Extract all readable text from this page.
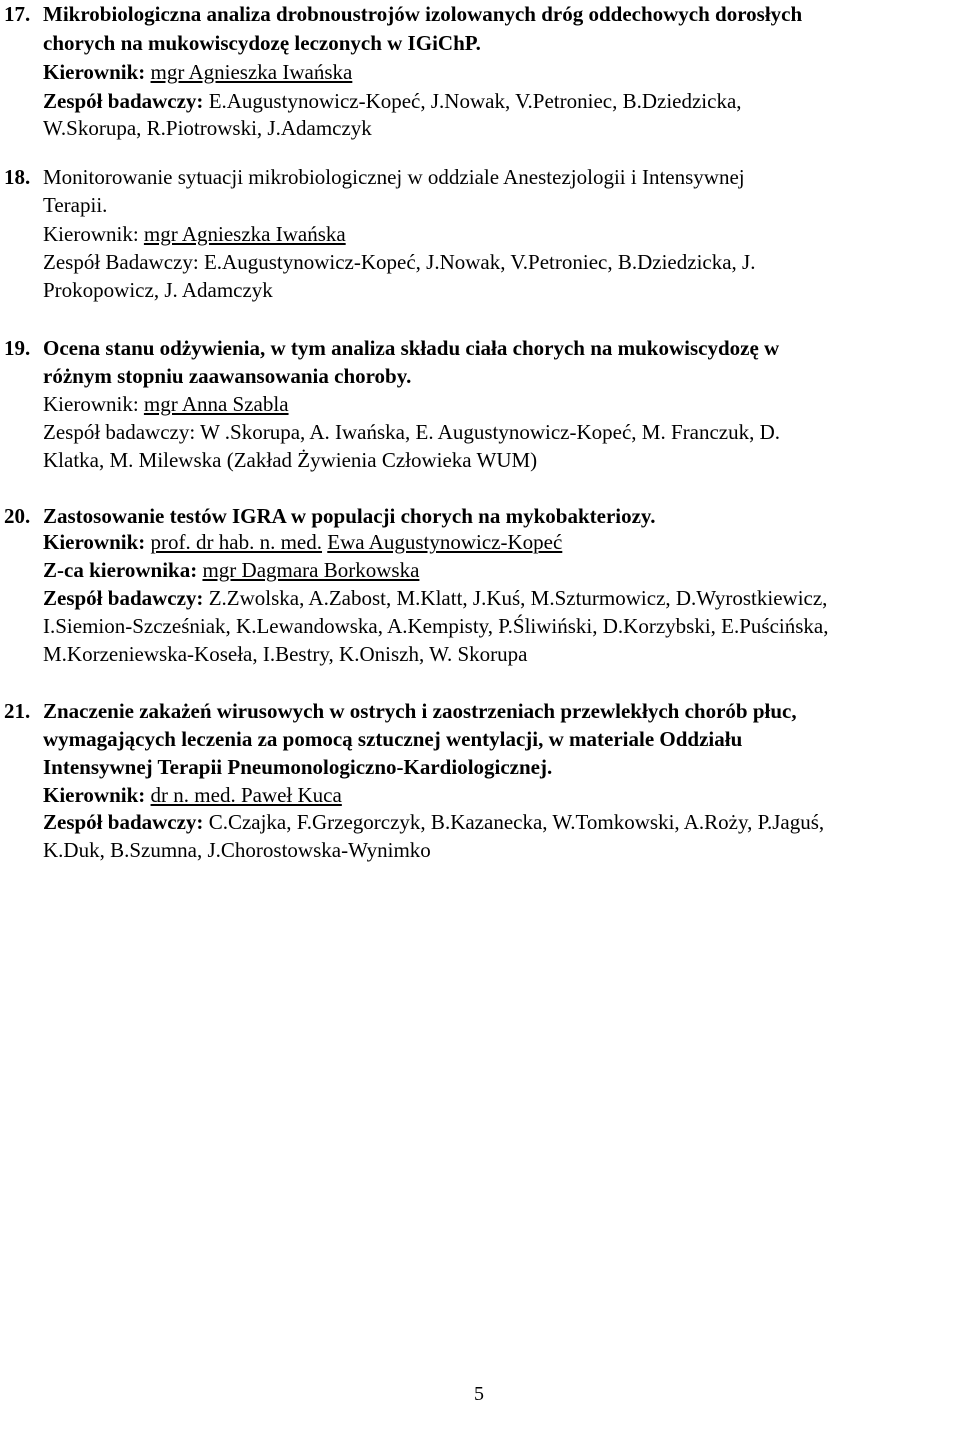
17. Mikrobiologiczna analiza drobnoustrojów izolowanych dróg oddechowych dorosłych
chorych na mukowiscydozę leczonych w IGiChP.
Kierownik: mgr Agnieszka Iwańska
Zespół badawczy: E.Augustynowicz-Kopeć, J.Nowak, V.Petroniec, B.Dziedzicka,
W.Skorupa, R.Piotrowski, J.Adamczyk
18. Monitorowanie sytuacji mikrobiologicznej w oddziale Anestezjologii i Intensywnej
Terapii.
Kierownik: mgr Agnieszka Iwańska
Zespół Badawczy: E.Augustynowicz-Kopeć, J.Nowak, V.Petroniec, B.Dziedzicka, J.
Prokopowicz, J. Adamczyk
19. Ocena stanu odżywienia, w tym analiza składu ciała chorych na mukowiscydozę w
różnym stopniu zaawansowania choroby.
Kierownik: mgr Anna Szabla
Zespół badawczy: W .Skorupa, A. Iwańska, E. Augustynowicz-Kopeć, M. Franczuk, D.
Klatka, M. Milewska (Zakład Żywienia Człowieka WUM)
20. Zastosowanie testów IGRA w populacji chorych na mykobakteriozy.
Kierownik: prof. dr hab. n. med. Ewa Augustynowicz-Kopeć
Z-ca kierownika: mgr Dagmara Borkowska
Zespół badawczy: Z.Zwolska, A.Zabost, M.Klatt, J.Kuś, M.Szturmowicz, D.Wyrostkiewicz,
I.Siemion-Szcześniak, K.Lewandowska, A.Kempisty, P.Śliwiński, D.Korzybski, E.Puścińska,
M.Korzeniewska-Koseła, I.Bestry, K.Oniszh, W. Skorupa
21. Znaczenie zakażeń wirusowych w ostrych i zaostrzeniach przewlekłych chorób płuc,
wymagających leczenia za pomocą sztucznej wentylacji, w materiale Oddziału
Intensywnej Terapii Pneumonologiczno-Kardiologicznej.
Kierownik: dr n. med. Paweł Kuca
Zespół badawczy: C.Czajka, F.Grzegorczyk, B.Kazanecka, W.Tomkowski, A.Roży, P.Jaguś,
K.Duk, B.Szumna, J.Chorostowska-Wynimko
5
